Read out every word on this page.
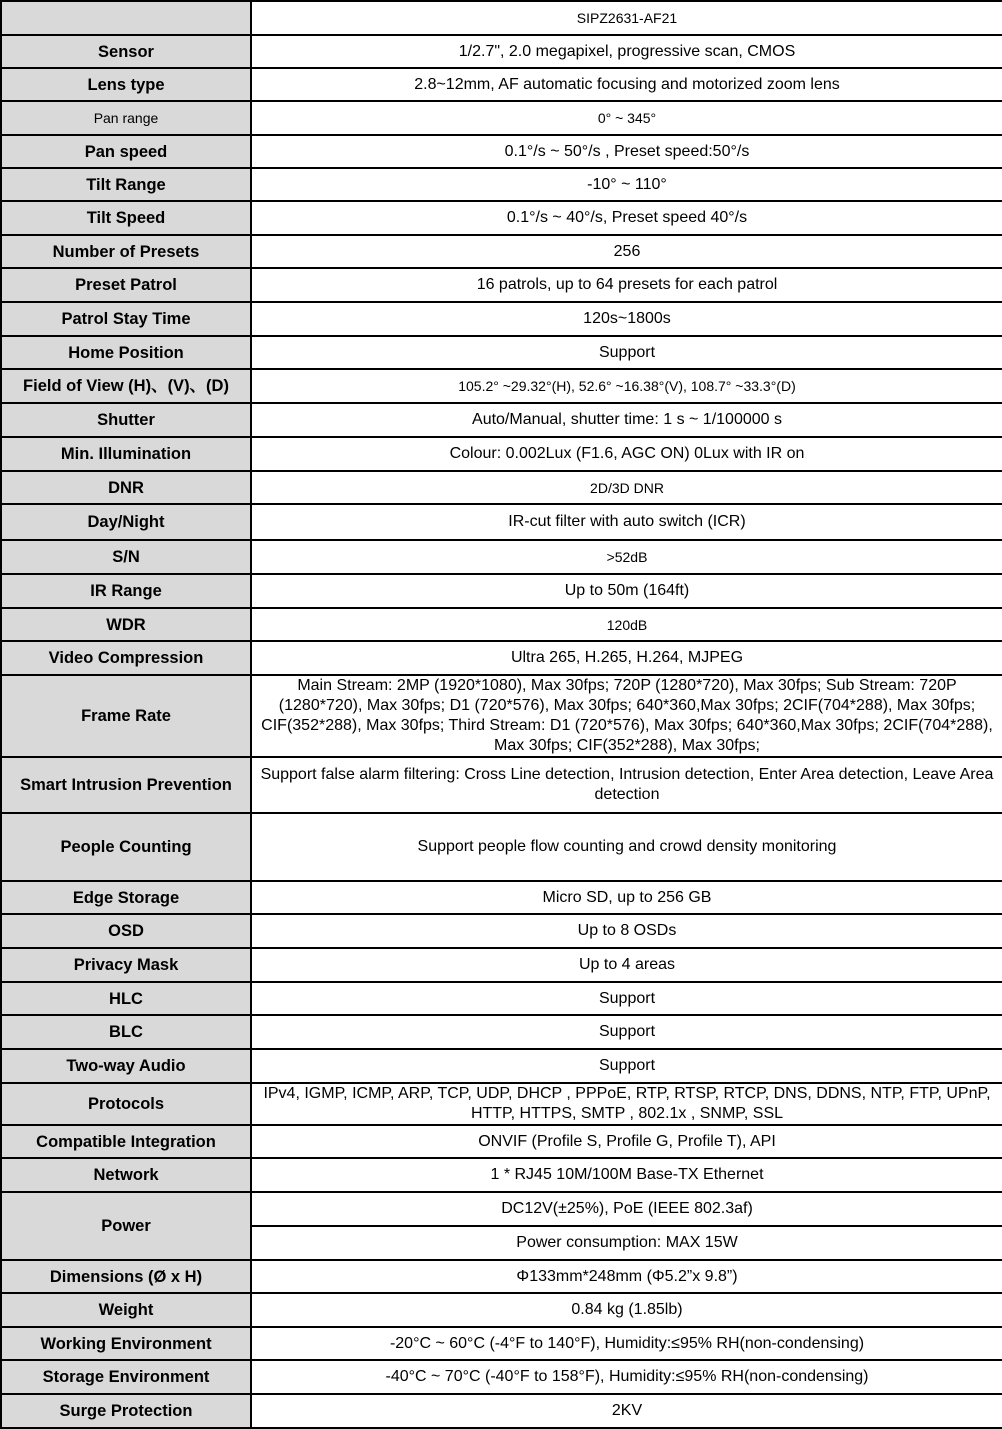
	SIPZ2631-AF21
Sensor	1/2.7", 2.0 megapixel, progressive scan, CMOS
Lens type	2.8~12mm, AF automatic focusing and motorized zoom lens
Pan range	0° ~ 345°
Pan speed	0.1°/s ~ 50°/s , Preset speed:50°/s
Tilt Range	-10° ~ 110°
Tilt Speed	0.1°/s ~ 40°/s, Preset speed 40°/s
Number of Presets	256
Preset Patrol	16 patrols, up to 64 presets for each patrol
Patrol Stay Time	120s~1800s
Home Position	Support
Field of View (H)、(V)、(D)	105.2° ~29.32°(H), 52.6° ~16.38°(V), 108.7° ~33.3°(D)
Shutter	Auto/Manual, shutter time: 1 s ~ 1/100000 s
Min. Illumination	Colour: 0.002Lux (F1.6, AGC ON) 0Lux with IR on
DNR	2D/3D DNR
Day/Night	IR-cut filter with auto switch (ICR)
S/N	>52dB
IR Range	Up to 50m (164ft)
WDR	120dB
Video Compression	Ultra 265, H.265, H.264, MJPEG
Frame Rate	Main Stream: 2MP (1920*1080), Max 30fps; 720P (1280*720), Max 30fps; Sub Stream: 720P (1280*720), Max 30fps; D1 (720*576), Max 30fps; 640*360,Max 30fps; 2CIF(704*288), Max 30fps; CIF(352*288), Max 30fps; Third Stream: D1 (720*576), Max 30fps; 640*360,Max 30fps; 2CIF(704*288), Max 30fps; CIF(352*288), Max 30fps;
Smart Intrusion Prevention	Support false alarm filtering: Cross Line detection, Intrusion detection, Enter Area detection, Leave Area detection
People Counting	Support people flow counting and crowd density monitoring
Edge Storage	Micro SD, up to 256 GB
OSD	Up to 8 OSDs
Privacy Mask	Up to 4 areas
HLC	Support
BLC	Support
Two-way Audio	Support
Protocols	IPv4, IGMP, ICMP, ARP, TCP, UDP, DHCP , PPPoE, RTP, RTSP, RTCP, DNS, DDNS, NTP, FTP, UPnP, HTTP, HTTPS, SMTP , 802.1x , SNMP, SSL
Compatible Integration	ONVIF (Profile S, Profile G, Profile T), API
Network	1 * RJ45 10M/100M Base-TX Ethernet
Power	DC12V(±25%), PoE (IEEE 802.3af)
	Power consumption: MAX 15W
Dimensions (Ø x H)	Φ133mm*248mm (Φ5.2”x 9.8”)
Weight	0.84 kg (1.85lb)
Working Environment	-20°C ~ 60°C (-4°F to 140°F), Humidity:≤95% RH(non-condensing)
Storage Environment	-40°C ~ 70°C (-40°F to 158°F), Humidity:≤95% RH(non-condensing)
Surge Protection	2KV
